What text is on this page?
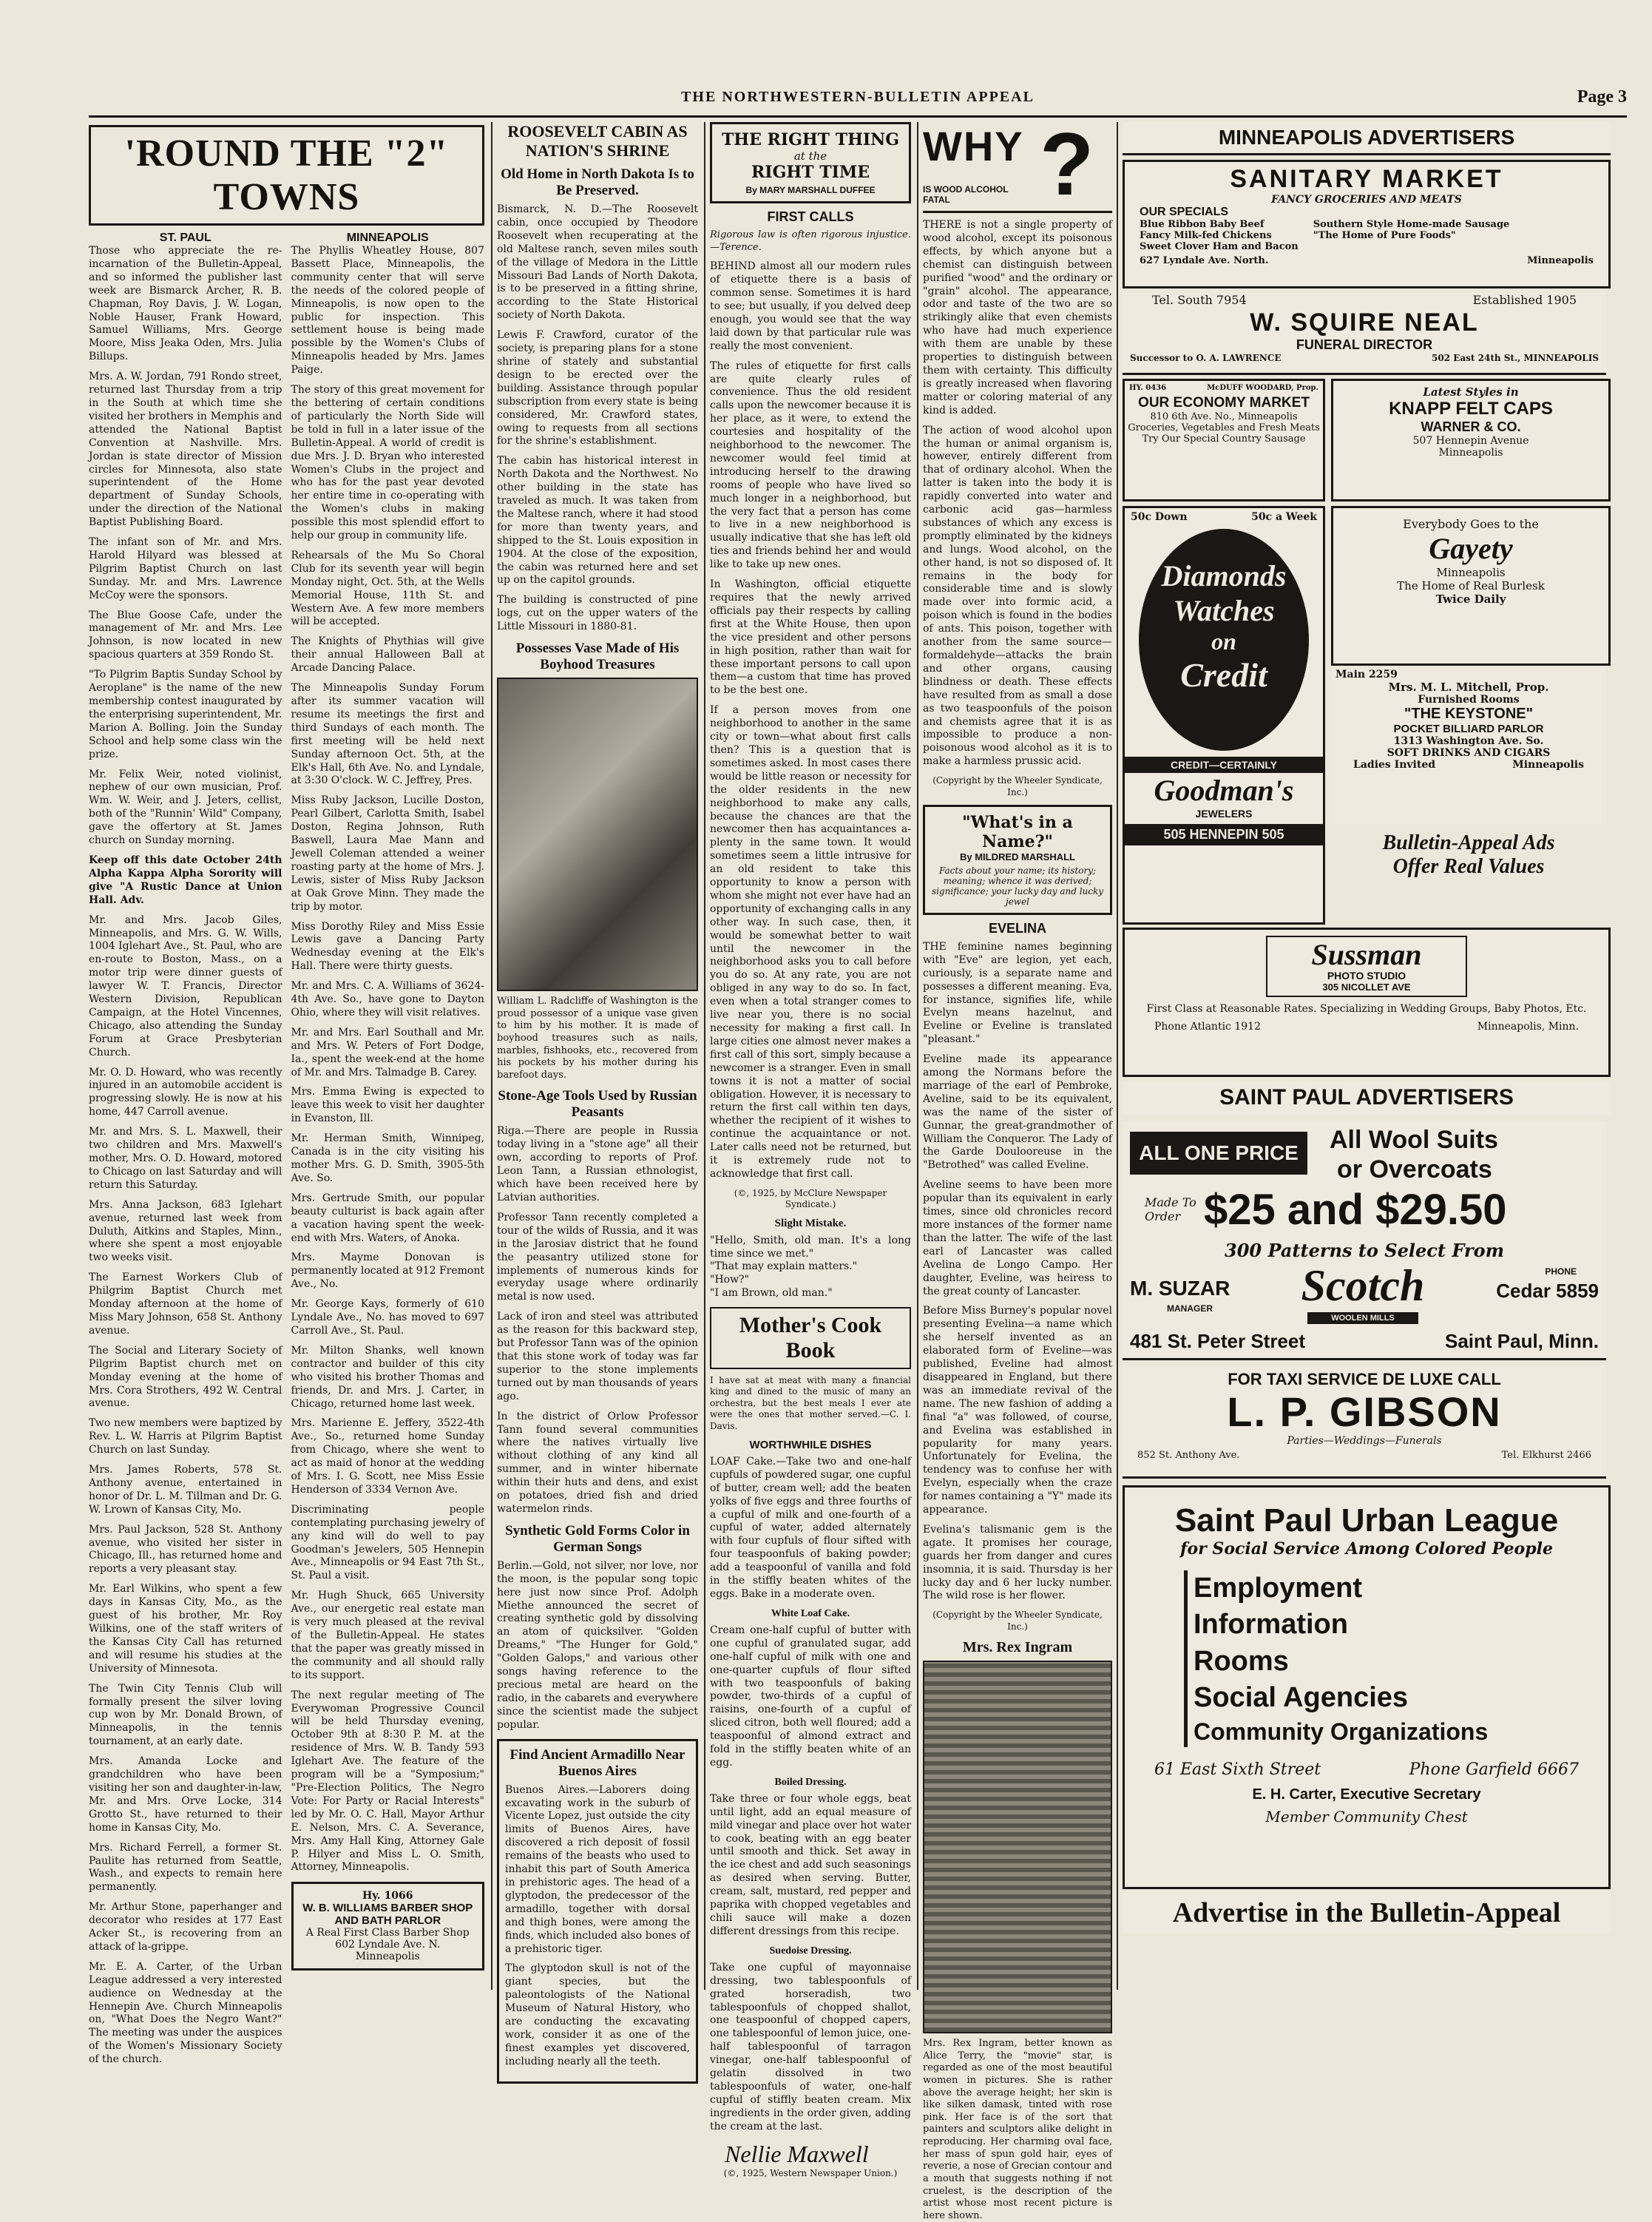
THE NORTHWESTERN-BULLETIN APPEAL	Page 3
'ROUND THE "2" TOWNS
ST. PAUL

Those who appreciate the re-incarnation of the Bulletin-Appeal, and so informed the publisher last week are Bismarck Archer, R. B. Chapman, Roy Davis, J. W. Logan, Noble Hauser, Frank Howard, Samuel Williams, Mrs. George Moore, Miss Jeaka Oden, Mrs. Julia Billups.

Mrs. A. W. Jordan, 791 Rondo street, returned last Thursday from a trip in the South at which time she visited her brothers in Memphis and attended the National Baptist Convention at Nashville. Mrs. Jordan is state director of Mission circles for Minnesota, also state superintendent of the Home department of Sunday Schools, under the direction of the National Baptist Publishing Board.

The infant son of Mr. and Mrs. Harold Hilyard was blessed at Pilgrim Baptist Church on last Sunday. Mr. and Mrs. Lawrence McCoy were the sponsors.

The Blue Goose Cafe, under the management of Mr. and Mrs. Lee Johnson, is now located in new spacious quarters at 359 Rondo St.

"To Pilgrim Baptis Sunday School by Aeroplane" is the name of the new membership contest inaugurated by the enterprising superintendent, Mr. Marion A. Bolling. Join the Sunday School and help some class win the prize.

Mr. Felix Weir, noted violinist, nephew of our own musician, Prof. Wm. W. Weir, and J. Jeters, cellist, both of the "Runnin' Wild" Company, gave the offertory at St. James church on Sunday morning.

Keep off this date October 24th Alpha Kappa Alpha Sorority will give "A Rustic Dance at Union Hall. Adv.

Mr. and Mrs. Jacob Giles, Minneapolis, and Mrs. G. W. Wills, 1004 Iglehart Ave., St. Paul, who are en-route to Boston, Mass., on a motor trip were dinner guests of lawyer W. T. Francis, Director Western Division, Republican Campaign, at the Hotel Vincennes, Chicago, also attending the Sunday Forum at Grace Presbyterian Church.

Mr. O. D. Howard, who was recently injured in an automobile accident is progressing slowly. He is now at his home, 447 Carroll avenue.

Mr. and Mrs. S. L. Maxwell, their two children and Mrs. Maxwell's mother, Mrs. O. D. Howard, motored to Chicago on last Saturday and will return this Saturday.

Mrs. Anna Jackson, 683 Iglehart avenue, returned last week from Duluth, Aitkins and Staples, Minn., where she spent a most enjoyable two weeks visit.

The Earnest Workers Club of Philgrim Baptist Church met Monday afternoon at the home of Miss Mary Johnson, 658 St. Anthony avenue.

The Social and Literary Society of Pilgrim Baptist church met on Monday evening at the home of Mrs. Cora Strothers, 492 W. Central avenue.

Two new members were baptized by Rev. L. W. Harris at Pilgrim Baptist Church on last Sunday.

Mrs. James Roberts, 578 St. Anthony avenue, entertained in honor of Dr. L. M. Tillman and Dr. G. W. Lrown of Kansas City, Mo.

Mrs. Paul Jackson, 528 St. Anthony avenue, who visited her sister in Chicago, Ill., has returned home and reports a very pleasant stay.

Mr. Earl Wilkins, who spent a few days in Kansas City, Mo., as the guest of his brother, Mr. Roy Wilkins, one of the staff writers of the Kansas City Call has returned and will resume his studies at the University of Minnesota.

The Twin City Tennis Club will formally present the silver loving cup won by Mr. Donald Brown, of Minneapolis, in the tennis tournament, at an early date.

Mrs. Amanda Locke and grandchildren who have been visiting her son and daughter-in-law, Mr. and Mrs. Orve Locke, 314 Grotto St., have returned to their home in Kansas City, Mo.

Mrs. Richard Ferrell, a former St. Paulite has returned from Seattle, Wash., and expects to remain here permanently.

Mr. Arthur Stone, paperhanger and decorator who resides at 177 East Acker St., is recovering from an attack of la-grippe.

Mr. E. A. Carter, of the Urban League addressed a very interested audience on Wednesday at the Hennepin Ave. Church Minneapolis on, "What Does the Negro Want?" The meeting was under the auspices of the Women's Missionary Society of the church.

MINNEAPOLIS

The Phyllis Wheatley House, 807 Bassett Place, Minneapolis, the community center that will serve the needs of the colored people of Minneapolis, is now open to the public for inspection. This settlement house is being made possible by the Women's Clubs of Minneapolis headed by Mrs. James Paige.

The story of this great movement for the bettering of certain conditions of particularly the North Side will be told in full in a later issue of the Bulletin-Appeal. A world of credit is due Mrs. J. D. Bryan who interested Women's Clubs in the project and who has for the past year devoted her entire time in co-operating with the Women's clubs in making possible this most splendid effort to help our group in community life.

Rehearsals of the Mu So Choral Club for its seventh year will begin Monday night, Oct. 5th, at the Wells Memorial House, 11th St. and Western Ave. A few more members will be accepted.

The Knights of Phythias will give their annual Halloween Ball at Arcade Dancing Palace.

The Minneapolis Sunday Forum after its summer vacation will resume its meetings the first and third Sundays of each month. The first meeting will be held next Sunday afternoon Oct. 5th, at the Elk's Hall, 6th Ave. No. and Lyndale, at 3:30 O'clock. W. C. Jeffrey, Pres.

Miss Ruby Jackson, Lucille Doston, Pearl Gilbert, Carlotta Smith, Isabel Doston, Regina Johnson, Ruth Baswell, Laura Mae Mann and Jewell Coleman attended a weiner roasting party at the home of Mrs. J. Lewis, sister of Miss Ruby Jackson at Oak Grove Minn. They made the trip by motor.

Miss Dorothy Riley and Miss Essie Lewis gave a Dancing Party Wednesday evening at the Elk's Hall. There were thirty guests.

Mr. and Mrs. C. A. Williams of 3624-4th Ave. So., have gone to Dayton Ohio, where they will visit relatives.

Mr. and Mrs. Earl Southall and Mr. and Mrs. W. Peters of Fort Dodge, Ia., spent the week-end at the home of Mr. and Mrs. Talmadge B. Carey.

Mrs. Emma Ewing is expected to leave this week to visit her daughter in Evanston, Ill.

Mr. Herman Smith, Winnipeg, Canada is in the city visiting his mother Mrs. G. D. Smith, 3905-5th Ave. So.

Mrs. Gertrude Smith, our popular beauty culturist is back again after a vacation having spent the week-end with Mrs. Waters, of Anoka.

Mrs. Mayme Donovan is permanently located at 912 Fremont Ave., No.

Mr. George Kays, formerly of 610 Lyndale Ave., No. has moved to 697 Carroll Ave., St. Paul.

Mr. Milton Shanks, well known contractor and builder of this city who visited his brother Thomas and friends, Dr. and Mrs. J. Carter, in Chicago, returned home last week.

Mrs. Marienne E. Jeffery, 3522-4th Ave., So., returned home Sunday from Chicago, where she went to act as maid of honor at the wedding of Mrs. I. G. Scott, nee Miss Essie Henderson of 3334 Vernon Ave.

Discriminating people contemplating purchasing jewelry of any kind will do well to pay Goodman's Jewelers, 505 Hennepin Ave., Minneapolis or 94 East 7th St., St. Paul a visit.

Mr. Hugh Shuck, 665 University Ave., our energetic real estate man is very much pleased at the revival of the Bulletin-Appeal. He states that the paper was greatly missed in the community and all should rally to its support.

The next regular meeting of The Everywoman Progressive Council will be held Thursday evening, October 9th at 8:30 P. M. at the residence of Mrs. W. B. Tandy 593 Iglehart Ave. The feature of the program will be a "Symposium;" "Pre-Election Politics, The Negro Vote: For Party or Racial Interests" led by Mr. O. C. Hall, Mayor Arthur E. Nelson, Mrs. C. A. Severance, Mrs. Amy Hall King, Attorney Gale P. Hilyer and Miss L. O. Smith, Attorney, Minneapolis.

Hy. 1066
W. B. WILLIAMS BARBER SHOP AND BATH PARLOR
A Real First Class Barber Shop
602 Lyndale Ave. N.
Minneapolis
ROOSEVELT CABIN AS NATION'S SHRINE
Old Home in North Dakota Is to Be Preserved.

Bismarck, N. D.—The Roosevelt cabin, once occupied by Theodore Roosevelt when recuperating at the old Maltese ranch, seven miles south of the village of Medora in the Little Missouri Bad Lands of North Dakota, is to be preserved in a fitting shrine, according to the State Historical society of North Dakota.

Lewis F. Crawford, curator of the society, is preparing plans for a stone shrine of stately and substantial design to be erected over the building. Assistance through popular subscription from every state is being considered, Mr. Crawford states, owing to requests from all sections for the shrine's establishment.

The cabin has historical interest in North Dakota and the Northwest. No other building in the state has traveled as much. It was taken from the Maltese ranch, where it had stood for more than twenty years, and shipped to the St. Louis exposition in 1904. At the close of the exposition, the cabin was returned here and set up on the capitol grounds.

The building is constructed of pine logs, cut on the upper waters of the Little Missouri in 1880-81.

Possesses Vase Made of His Boyhood Treasures

William L. Radcliffe of Washington is the proud possessor of a unique vase given to him by his mother. It is made of boyhood treasures such as nails, marbles, fishhooks, etc., recovered from his pockets by his mother during his barefoot days.

Stone-Age Tools Used by Russian Peasants

Riga.—There are people in Russia today living in a "stone age" all their own, according to reports of Prof. Leon Tann, a Russian ethnologist, which have been received here by Latvian authorities.

Professor Tann recently completed a tour of the wilds of Russia, and it was in the Jarosiav district that he found the peasantry utilized stone for implements of numerous kinds for everyday usage where ordinarily metal is now used.

Lack of iron and steel was attributed as the reason for this backward step, but Professor Tann was of the opinion that this stone work of today was far superior to the stone implements turned out by man thousands of years ago.

In the district of Orlow Professor Tann found several communities where the natives virtually live without clothing of any kind all summer, and in winter hibernate within their huts and dens, and exist on potatoes, dried fish and dried watermelon rinds.

Synthetic Gold Forms Color in German Songs

Berlin.—Gold, not silver, nor love, nor the moon, is the popular song topic here just now since Prof. Adolph Miethe announced the secret of creating synthetic gold by dissolving an atom of quicksilver. "Golden Dreams," "The Hunger for Gold," "Golden Galops," and various other songs having reference to the precious metal are heard on the radio, in the cabarets and everywhere since the scientist made the subject popular.

Find Ancient Armadillo Near Buenos Aires

Buenos Aires.—Laborers doing excavating work in the suburb of Vicente Lopez, just outside the city limits of Buenos Aires, have discovered a rich deposit of fossil remains of the beasts who used to inhabit this part of South America in prehistoric ages. The head of a glyptodon, the predecessor of the armadillo, together with dorsal and thigh bones, were among the finds, which included also bones of a prehistoric tiger.

The glyptodon skull is not of the giant species, but the paleontologists of the National Museum of Natural History, who are conducting the excavating work, consider it as one of the finest examples yet discovered, including nearly all the teeth.

THE RIGHT THING
at the
RIGHT TIME
By MARY MARSHALL DUFFEE
FIRST CALLS

Rigorous law is often rigorous injustice. —Terence.

BEHIND almost all our modern rules of etiquette there is a basis of common sense. Sometimes it is hard to see; but usually, if you delved deep enough, you would see that the way laid down by that particular rule was really the most convenient.

The rules of etiquette for first calls are quite clearly rules of convenience. Thus the old resident calls upon the newcomer because it is her place, as it were, to extend the courtesies and hospitality of the neighborhood to the newcomer. The newcomer would feel timid at introducing herself to the drawing rooms of people who have lived so much longer in a neighborhood, but the very fact that a person has come to live in a new neighborhood is usually indicative that she has left old ties and friends behind her and would like to take up new ones.

In Washington, official etiquette requires that the newly arrived officials pay their respects by calling first at the White House, then upon the vice president and other persons in high position, rather than wait for these important persons to call upon them—a custom that time has proved to be the best one.

If a person moves from one neighborhood to another in the same city or town—what about first calls then? This is a question that is sometimes asked. In most cases there would be little reason or necessity for the older residents in the new neighborhood to make any calls, because the chances are that the newcomer then has acquaintances a-plenty in the same town. It would sometimes seem a little intrusive for an old resident to take this opportunity to know a person with whom she might not ever have had an opportunity of exchanging calls in any other way. In such case, then, it would be somewhat better to wait until the newcomer in the neighborhood asks you to call before you do so. At any rate, you are not obliged in any way to do so. In fact, even when a total stranger comes to live near you, there is no social necessity for making a first call. In large cities one almost never makes a first call of this sort, simply because a newcomer is a stranger. Even in small towns it is not a matter of social obligation. However, it is necessary to return the first call within ten days, whether the recipient of it wishes to continue the acquaintance or not. Later calls need not be returned, but it is extremely rude not to acknowledge that first call.

(©, 1925, by McClure Newspaper Syndicate.)

Slight Mistake.

"Hello, Smith, old man. It's a long time since we met."

"That may explain matters."

"How?"

"I am Brown, old man."

Mother's Cook Book

I have sat at meat with many a financial king and dined to the music of many an orchestra, but the best meals I ever ate were the ones that mother served.—C. I. Davis.

WORTHWHILE DISHES

LOAF Cake.—Take two and one-half cupfuls of powdered sugar, one cupful of butter, cream well; add the beaten yolks of five eggs and three fourths of a cupful of milk and one-fourth of a cupful of water, added alternately with four cupfuls of flour sifted with four teaspoonfuls of baking powder; add a teaspoonful of vanilla and fold in the stiffly beaten whites of the eggs. Bake in a moderate oven.

White Loaf Cake.

Cream one-half cupful of butter with one cupful of granulated sugar, add one-half cupful of milk with one and one-quarter cupfuls of flour sifted with two teaspoonfuls of baking powder, two-thirds of a cupful of raisins, one-fourth of a cupful of sliced citron, both well floured; add a teaspoonful of almond extract and fold in the stiffly beaten white of an egg.

Boiled Dressing.

Take three or four whole eggs, beat until light, add an equal measure of mild vinegar and place over hot water to cook, beating with an egg beater until smooth and thick. Set away in the ice chest and add such seasonings as desired when serving. Butter, cream, salt, mustard, red pepper and paprika with chopped vegetables and chili sauce will make a dozen different dressings from this recipe.

Suedoise Dressing.

Take one cupful of mayonnaise dressing, two tablespoonfuls of grated horseradish, two tablespoonfuls of chopped shallot, one teaspoonful of chopped capers, one tablespoonful of lemon juice, one-half tablespoonful of tarragon vinegar, one-half tablespoonful of gelatin dissolved in two tablespoonfuls of water, one-half cupful of stiffly beaten cream. Mix ingredients in the order given, adding the cream at the last.

Nellie Maxwell

(©, 1925, Western Newspaper Union.)

WHY ?
IS WOOD ALCOHOL FATAL

THERE is not a single property of wood alcohol, except its poisonous effects, by which anyone but a chemist can distinguish between purified "wood" and the ordinary or "grain" alcohol. The appearance, odor and taste of the two are so strikingly alike that even chemists who have had much experience with them are unable by these properties to distinguish between them with certainty. This difficulty is greatly increased when flavoring matter or coloring material of any kind is added.

The action of wood alcohol upon the human or animal organism is, however, entirely different from that of ordinary alcohol. When the latter is taken into the body it is rapidly converted into water and carbonic acid gas—harmless substances of which any excess is promptly eliminated by the kidneys and lungs. Wood alcohol, on the other hand, is not so disposed of. It remains in the body for considerable time and is slowly made over into formic acid, a poison which is found in the bodies of ants. This poison, together with another from the same source—formaldehyde—attacks the brain and other organs, causing blindness or death. These effects have resulted from as small a dose as two teaspoonfuls of the poison and chemists agree that it is as impossible to produce a non-poisonous wood alcohol as it is to make a harmless prussic acid.

(Copyright by the Wheeler Syndicate, Inc.)

"What's in a Name?"
By MILDRED MARSHALL
Facts about your name; its history; meaning; whence it was derived; significance; your lucky day and lucky jewel
EVELINA

THE feminine names beginning with "Eve" are legion, yet each, curiously, is a separate name and possesses a different meaning. Eva, for instance, signifies life, while Evelyn means hazelnut, and Eveline or Eveline is translated "pleasant."

Eveline made its appearance among the Normans before the marriage of the earl of Pembroke, Aveline, said to be its equivalent, was the name of the sister of Gunnar, the great-grandmother of William the Conqueror. The Lady of the Garde Doulooreuse in the "Betrothed" was called Eveline.

Aveline seems to have been more popular than its equivalent in early times, since old chronicles record more instances of the former name than the latter. The wife of the last earl of Lancaster was called Avelina de Longo Campo. Her daughter, Eveline, was heiress to the great county of Lancaster.

Before Miss Burney's popular novel presenting Evelina—a name which she herself invented as an elaborated form of Eveline—was published, Eveline had almost disappeared in England, but there was an immediate revival of the name. The new fashion of adding a final "a" was followed, of course, and Evelina was established in popularity for many years. Unfortunately for Evelina, the tendency was to confuse her with Evelyn, especially when the craze for names containing a "Y" made its appearance.

Evelina's talismanic gem is the agate. It promises her courage, guards her from danger and cures insomnia, it is said. Thursday is her lucky day and 6 her lucky number. The wild rose is her flower.

(Copyright by the Wheeler Syndicate, Inc.)

Mrs. Rex Ingram

Mrs. Rex Ingram, better known as Alice Terry, the "movie" star, is regarded as one of the most beautiful women in pictures. She is rather above the average height; her skin is like silken damask, tinted with rose pink. Her face is of the sort that painters and sculptors alike delight in reproducing. Her charming oval face, her mass of spun gold hair, eyes of reverie, a nose of Grecian contour and a mouth that suggests nothing if not cruelest, is the description of the artist whose most recent picture is here shown.

MINNEAPOLIS ADVERTISERS
SANITARY MARKET
FANCY GROCERIES AND MEATS
OUR SPECIALS
Blue Ribbon Baby Beef
Fancy Milk-fed Chickens
Sweet Clover Ham and Bacon
Southern Style Home-made Sausage
"The Home of Pure Foods"
627 Lyndale Ave. North.	Minneapolis
Tel. South 7954	Established 1905
W. SQUIRE NEAL
FUNERAL DIRECTOR
Successor to O. A. LAWRENCE	502 East 24th St., MINNEAPOLIS
HY. 0436	McDUFF WOODARD, Prop.
OUR ECONOMY MARKET
810 6th Ave. No., Minneapolis
Groceries, Vegetables and Fresh Meats
Try Our Special Country Sausage
Latest Styles in
KNAPP FELT CAPS
WARNER & CO.
507 Hennepin Avenue
Minneapolis
50c Down	50c a Week
Diamonds
Watches
on
Credit
CREDIT—CERTAINLY
Goodman's
JEWELERS
505 HENNEPIN 505
Everybody Goes to the
Gayety
Minneapolis
The Home of Real Burlesk
Twice Daily
Main 2259
Mrs. M. L. Mitchell, Prop.
Furnished Rooms
"THE KEYSTONE"
POCKET BILLIARD PARLOR
1313 Washington Ave. So.
SOFT DRINKS AND CIGARS
Ladies Invited	Minneapolis
Bulletin-Appeal Ads
Offer Real Values
Sussman
PHOTO STUDIO
305 NICOLLET AVE
First Class at Reasonable Rates. Specializing in Wedding Groups, Baby Photos, Etc.
Phone Atlantic 1912	Minneapolis, Minn.
SAINT PAUL ADVERTISERS
ALL ONE PRICE	All Wool Suits
or Overcoats
Made To Order $25 and $29.50
300 Patterns to Select From
M. SUZAR
MANAGER	Scotch
WOOLEN MILLS
PHONE
Cedar 5859
481 St. Peter Street	Saint Paul, Minn.
FOR TAXI SERVICE DE LUXE CALL
L. P. GIBSON
Parties—Weddings—Funerals
852 St. Anthony Ave.	Tel. Elkhurst 2466
Saint Paul Urban League
for Social Service Among Colored People
Employment
Information
Rooms
Social Agencies
Community Organizations
61 East Sixth Street	Phone Garfield 6667
E. H. Carter, Executive Secretary
Member Community Chest
Advertise in the Bulletin-Appeal
